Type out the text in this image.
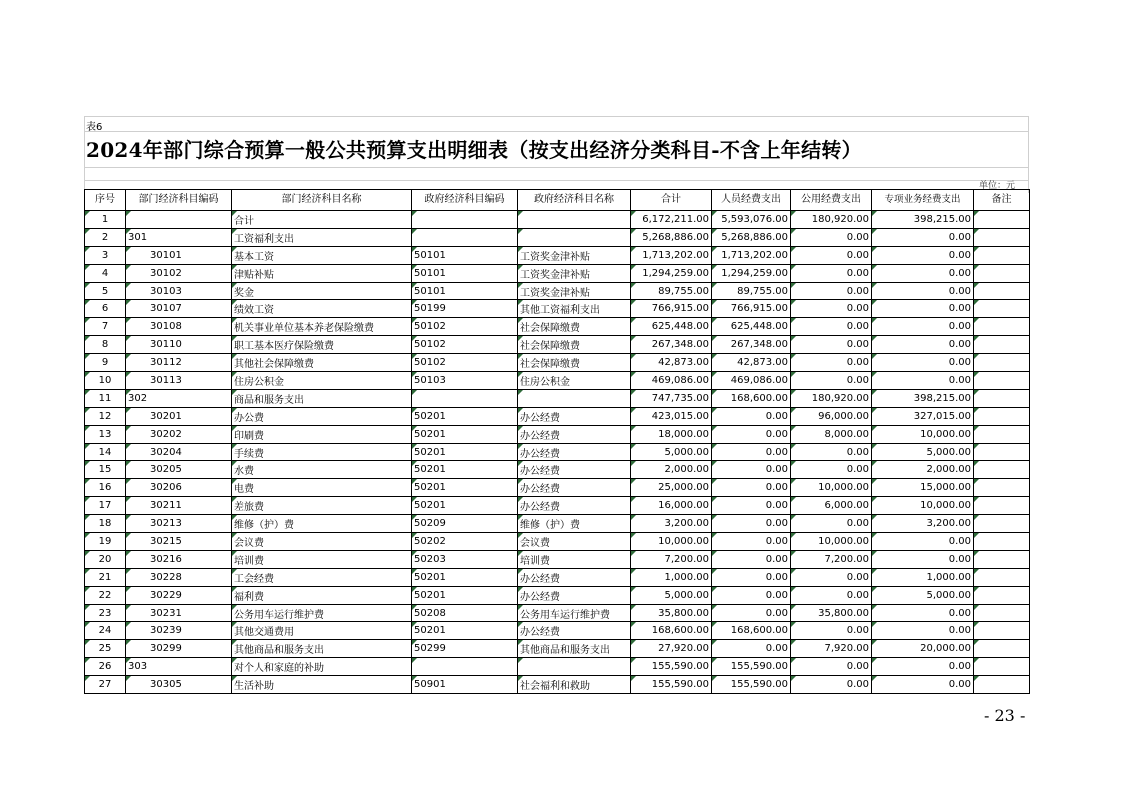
表6
2024年部门综合预算一般公共预算支出明细表（按支出经济分类科目-不含上年结转）
单位：元
序号	部门经济科目编码	部门经济科目名称	政府经济科目编码	政府经济科目名称	合计	人员经费支出	公用经费支出	专项业务经费支出	备注
1		合计			6,172,211.00	5,593,076.00	180,920.00	398,215.00	
2	301	工资福利支出			5,268,886.00	5,268,886.00	0.00	0.00	
3	30101	基本工资	50101	工资奖金津补贴	1,713,202.00	1,713,202.00	0.00	0.00	
4	30102	津贴补贴	50101	工资奖金津补贴	1,294,259.00	1,294,259.00	0.00	0.00	
5	30103	奖金	50101	工资奖金津补贴	89,755.00	89,755.00	0.00	0.00	
6	30107	绩效工资	50199	其他工资福利支出	766,915.00	766,915.00	0.00	0.00	
7	30108	机关事业单位基本养老保险缴费	50102	社会保障缴费	625,448.00	625,448.00	0.00	0.00	
8	30110	职工基本医疗保险缴费	50102	社会保障缴费	267,348.00	267,348.00	0.00	0.00	
9	30112	其他社会保障缴费	50102	社会保障缴费	42,873.00	42,873.00	0.00	0.00	
10	30113	住房公积金	50103	住房公积金	469,086.00	469,086.00	0.00	0.00	
11	302	商品和服务支出			747,735.00	168,600.00	180,920.00	398,215.00	
12	30201	办公费	50201	办公经费	423,015.00	0.00	96,000.00	327,015.00	
13	30202	印刷费	50201	办公经费	18,000.00	0.00	8,000.00	10,000.00	
14	30204	手续费	50201	办公经费	5,000.00	0.00	0.00	5,000.00	
15	30205	水费	50201	办公经费	2,000.00	0.00	0.00	2,000.00	
16	30206	电费	50201	办公经费	25,000.00	0.00	10,000.00	15,000.00	
17	30211	差旅费	50201	办公经费	16,000.00	0.00	6,000.00	10,000.00	
18	30213	维修（护）费	50209	维修（护）费	3,200.00	0.00	0.00	3,200.00	
19	30215	会议费	50202	会议费	10,000.00	0.00	10,000.00	0.00	
20	30216	培训费	50203	培训费	7,200.00	0.00	7,200.00	0.00	
21	30228	工会经费	50201	办公经费	1,000.00	0.00	0.00	1,000.00	
22	30229	福利费	50201	办公经费	5,000.00	0.00	0.00	5,000.00	
23	30231	公务用车运行维护费	50208	公务用车运行维护费	35,800.00	0.00	35,800.00	0.00	
24	30239	其他交通费用	50201	办公经费	168,600.00	168,600.00	0.00	0.00	
25	30299	其他商品和服务支出	50299	其他商品和服务支出	27,920.00	0.00	7,920.00	20,000.00	
26	303	对个人和家庭的补助			155,590.00	155,590.00	0.00	0.00	
27	30305	生活补助	50901	社会福利和救助	155,590.00	155,590.00	0.00	0.00	
- 23 -
